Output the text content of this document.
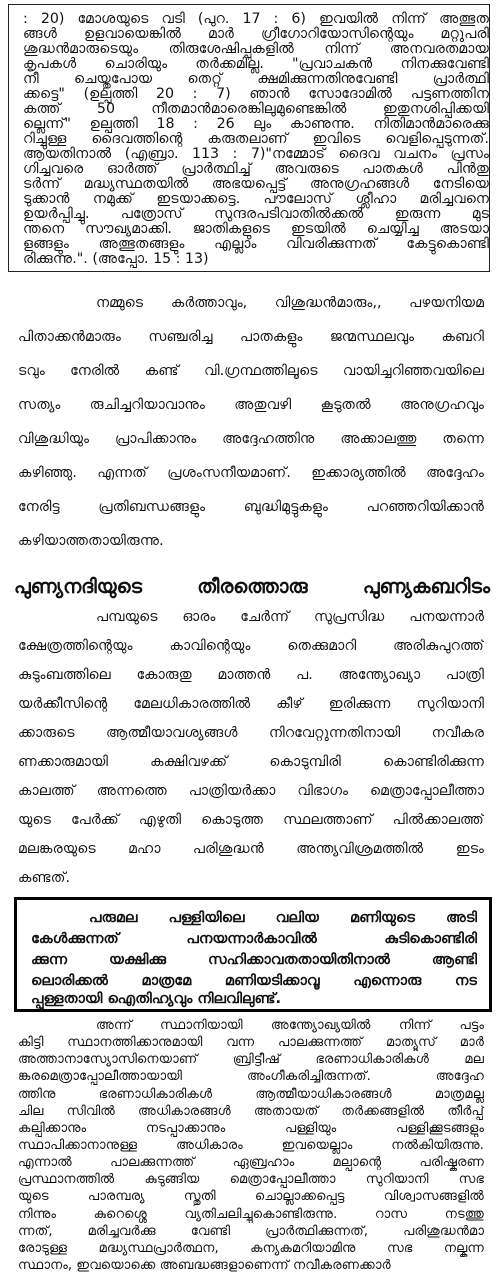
: 20) മോശയുടെ വടി (പുറ. 17 : 6) ഇവയിൽ നിന്ന് അത്ഭുത
ങ്ങൾ ഉളവായെങ്കിൽ മാർ ഗ്രീഗോറിയോസിന്റെയും മറ്റുപരി
ശുദ്ധൻമാരുടെയും തിരുശേഷിപ്പുകളിൽ നിന്ന് അനവരതമായ
കൃപകൾ ചൊരിയും തർക്കമില്ല. "പ്രവാചകൻ നിനക്കുവേണ്ടി
നീ ചെയ്തുപോയ തെറ്റ് ക്ഷമിക്കുന്നതിനുവേണ്ടി പ്രാർത്ഥി
ക്കട്ടെ" (ഉല്പത്തി 20 : 7) ഞാൻ സോദോമിൽ പട്ടണത്തിന
കത്ത് 50 നീതമാൻമാരെങ്കിലുമുണ്ടെങ്കിൽ ഇതുനശിപ്പിക്കയി
ല്ലെന്ന്" ഉല്പത്തി 18 : 26 ലും കാണുന്നു. നിതിമാൻമാരെക്കു
റിച്ചുള്ള ദൈവത്തിന്റെ കരുതലാണ് ഇവിടെ വെളിപ്പെടുന്നത്.
ആയതിനാൽ (എബ്രാ. 113 : 7)"നമ്മോട് ദൈവ വചനം പ്രസം
ഗിച്ചവരെ ഓർത്ത് പ്രാർത്ഥിച്ച് അവരുടെ പാതകൾ പിൻതു
ടർന്ന് മദ്ധ്യസ്ഥതയിൽ അഭയപ്പെട്ട് അനുഗ്രഹങ്ങൾ നേടിയെ
ടുക്കാൻ നമുക്ക് ഇടയാക്കട്ടെ. പൗലോസ് ശ്ലീഹാ മരിച്ചവനെ
ഉയർപ്പിച്ചു. പത്രോസ് സുന്ദരപടിവാതിൽക്കൽ ഇരുന്ന മുട
ന്തനെ സൗഖ്യമാക്കി. ജാതികളുടെ ഇടയിൽ ചെയ്യിച്ച അടയാ
ളങ്ങളും അത്ഭുതങ്ങളും എല്ലാം വിവരിക്കുന്നത് കേട്ടുകൊണ്ടി
രിക്കുന്നു.". (അപ്പോ. 15 : 13)
നമ്മുടെ കർത്താവും, വിശുദ്ധൻമാരും,, പഴയനിയമ
പിതാക്കൻമാരും സഞ്ചരിച്ച പാതകളും ജന്മസ്ഥലവും കബറി
ടവും നേരിൽ കണ്ട് വി.ഗ്രന്ഥത്തിലൂടെ വായിച്ചറിഞ്ഞവയിലെ
സത്യം രുചിച്ചറിയാവാനും അതുവഴി കൂടുതൽ അനുഗ്രഹവും
വിശുദ്ധിയും പ്രാപിക്കാനും അദ്ദേഹത്തിനു അക്കാലത്തു തന്നെ
കഴിഞ്ഞു. എന്നത് പ്രശംസനീയമാണ്. ഇക്കാര്യത്തിൽ അദ്ദേഹം
നേരിട്ട പ്രതിബന്ധങ്ങളും ബുദ്ധിമുട്ടുകളും പറഞ്ഞറിയിക്കാൻ
കഴിയാത്തതായിരുന്നു.
പുണ്യനദിയുടെ തീരത്തൊരു പുണ്യകബറിടം
പമ്പയുടെ ഓരം ചേർന്ന് സുപ്രസിദ്ധ പനയന്നാർ
ക്ഷേത്രത്തിന്റെയും കാവിന്റെയും തെക്കുമാറി അരികുപുറത്ത്
കുടുംബത്തിലെ കോരുതു മാത്തൻ പ. അന്ത്യോഖ്യാ പാത്രി
യർക്കീസിന്റെ മേലധികാരത്തിൽ കീഴ് ഇരിക്കുന്ന സുറിയാനി
ക്കാരുടെ ആത്മീയാവശ്യങ്ങൾ നിറവേറ്റുന്നതിനായി നവീകര
ണക്കാരുമായി കക്ഷിവഴക്ക് കൊടുമ്പിരി കൊണ്ടിരിക്കുന്ന
കാലത്ത് അന്നത്തെ പാത്രിയർക്കാ വിഭാഗം മെത്രാപ്പോലീത്താ
യുടെ പേർക്ക് എഴുതി കൊടുത്ത സ്ഥലത്താണ് പിൽക്കാലത്ത്
മലങ്കരയുടെ മഹാ പരിശുദ്ധൻ അന്ത്യവിശ്രമത്തിൽ ഇടം
കണ്ടത്.
പരുമല പള്ളിയിലെ വലിയ മണിയുടെ അടി
കേൾക്കുന്നത് പനയന്നാർകാവിൽ കുടികൊണ്ടിരി
ക്കുന്ന യക്ഷിക്കു സഹിക്കാവതതായിതിനാൽ ആണ്ടി
ലൊരിക്കൽ മാത്രമേ മണിയടിക്കാവൂ എന്നൊരു നട
പ്പുള്ളതായി ഐതിഹ്യവും നിലവിലുണ്ട്.
അന്ന് സ്ഥാനിയായി അന്ത്യോഖ്യയിൽ നിന്ന് പട്ടം
കിട്ടി സ്ഥാനത്തിക്കാനുമായി വന്ന പാലക്കുന്നത്ത് മാത്യൂസ് മാർ
അത്താനാസ്യോസിനെയാണ് ബ്രിട്ടീഷ് ഭരണാധികാരികൾ മല
ങ്കരമെത്രാപ്പോലീത്തായായി അംഗീകരിച്ചിരുന്നത്. അദ്ദേഹ
ത്തിനു ഭരണാധികാരികൾ ആത്മീയാധികാരങ്ങൾ മാത്രമല്ല
ചില സിവിൽ അധികാരങ്ങൾ അതായത് തർക്കങ്ങളിൽ തീർപ്പ്
കല്പിക്കാനും നടപ്പാക്കാനും പള്ളിയും പള്ളിക്കൂടങ്ങളും
സ്ഥാപിക്കാനാനുള്ള അധികാരം ഇവയെല്ലാം നൽകിയിരുന്നു.
എന്നാൽ പാലക്കുന്നത്ത് ഏബ്രഹാം മല്പാന്റെ പരിഷ്കരണ
പ്രസ്ഥാനത്തിൽ കുടുങ്ങിയ മെത്രാപ്പോലീത്താ സുറിയാനി സഭ
യുടെ പാരമ്പര്യ സ്തുതി ചൊല്ലാക്കപ്പെട്ട വിശ്വാസങ്ങളിൽ
നിന്നും കുറെശ്ശെ വ്യതിചലിച്ചുകൊണ്ടിരുന്നു. റാസ നടത്തു
ന്നത്, മരിച്ചവർക്കു വേണ്ടി പ്രാർത്ഥിക്കുന്നത്, പരിശുദ്ധൻമാ
രോടുള്ള മദ്ധ്യസ്ഥപ്രാർത്ഥന, കന്യകമറിയാമിനു സഭ നല്കുന്ന
സ്ഥാനം, ഇവയൊക്കെ അബദ്ധങ്ങളാണെന്ന് നവീകരണക്കാർ
